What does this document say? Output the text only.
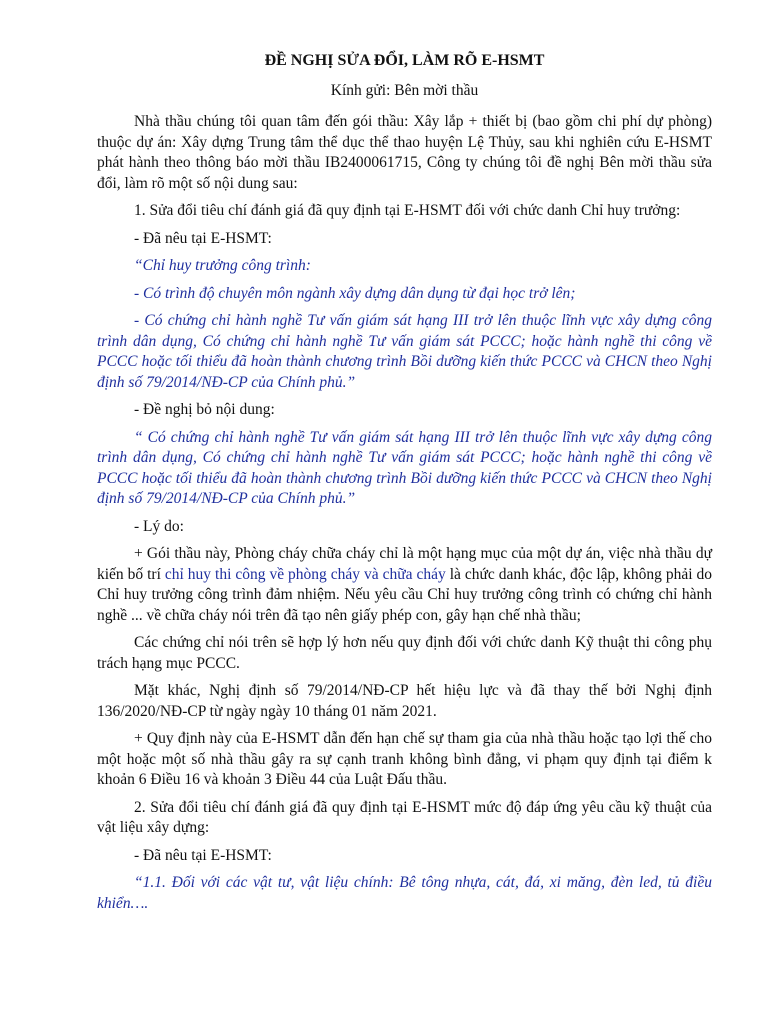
ĐỀ NGHỊ SỬA ĐỔI, LÀM RÕ E-HSMT
Kính gửi: Bên mời thầu

Nhà thầu chúng tôi quan tâm đến gói thầu: Xây lắp + thiết bị (bao gồm chi phí dự phòng) thuộc dự án: Xây dựng Trung tâm thể dục thể thao huyện Lệ Thủy, sau khi nghiên cứu E-HSMT phát hành theo thông báo mời thầu IB2400061715, Công ty chúng tôi đề nghị Bên mời thầu sửa đổi, làm rõ một số nội dung sau:

1. Sửa đổi tiêu chí đánh giá đã quy định tại E-HSMT đối với chức danh Chỉ huy trưởng:

- Đã nêu tại E-HSMT:

“Chỉ huy trưởng công trình:

- Có trình độ chuyên môn ngành xây dựng dân dụng từ đại học trở lên;

- Có chứng chỉ hành nghề Tư vấn giám sát hạng III trở lên thuộc lĩnh vực xây dựng công trình dân dụng, Có chứng chỉ hành nghề Tư vấn giám sát PCCC; hoặc hành nghề thi công về PCCC hoặc tối thiểu đã hoàn thành chương trình Bồi dưỡng kiến thức PCCC và CHCN theo Nghị định số 79/2014/NĐ-CP của Chính phủ.”

- Đề nghị bỏ nội dung:

“ Có chứng chỉ hành nghề Tư vấn giám sát hạng III trở lên thuộc lĩnh vực xây dựng công trình dân dụng, Có chứng chỉ hành nghề Tư vấn giám sát PCCC; hoặc hành nghề thi công về PCCC hoặc tối thiểu đã hoàn thành chương trình Bồi dưỡng kiến thức PCCC và CHCN theo Nghị định số 79/2014/NĐ-CP của Chính phủ.”

- Lý do:

+ Gói thầu này, Phòng cháy chữa cháy chỉ là một hạng mục của một dự án, việc nhà thầu dự kiến bố trí chỉ huy thi công về phòng cháy và chữa cháy là chức danh khác, độc lập, không phải do Chỉ huy trưởng công trình đảm nhiệm. Nếu yêu cầu Chỉ huy trưởng công trình có chứng chỉ hành nghề ... về chữa cháy nói trên đã tạo nên giấy phép con, gây hạn chế nhà thầu;

Các chứng chỉ nói trên sẽ hợp lý hơn nếu quy định đối với chức danh Kỹ thuật thi công phụ trách hạng mục PCCC.

Mặt khác, Nghị định số 79/2014/NĐ-CP hết hiệu lực và đã thay thế bởi Nghị định 136/2020/NĐ-CP từ ngày ngày 10 tháng 01 năm 2021.

+ Quy định này của E-HSMT dẫn đến hạn chế sự tham gia của nhà thầu hoặc tạo lợi thế cho một hoặc một số nhà thầu gây ra sự cạnh tranh không bình đẳng, vi phạm quy định tại điểm k khoản 6 Điều 16 và khoản 3 Điều 44 của Luật Đấu thầu.

2. Sửa đổi tiêu chí đánh giá đã quy định tại E-HSMT mức độ đáp ứng yêu cầu kỹ thuật của vật liệu xây dựng:

- Đã nêu tại E-HSMT:

“1.1. Đối với các vật tư, vật liệu chính: Bê tông nhựa, cát, đá, xi măng, đèn led, tủ điều khiển….
